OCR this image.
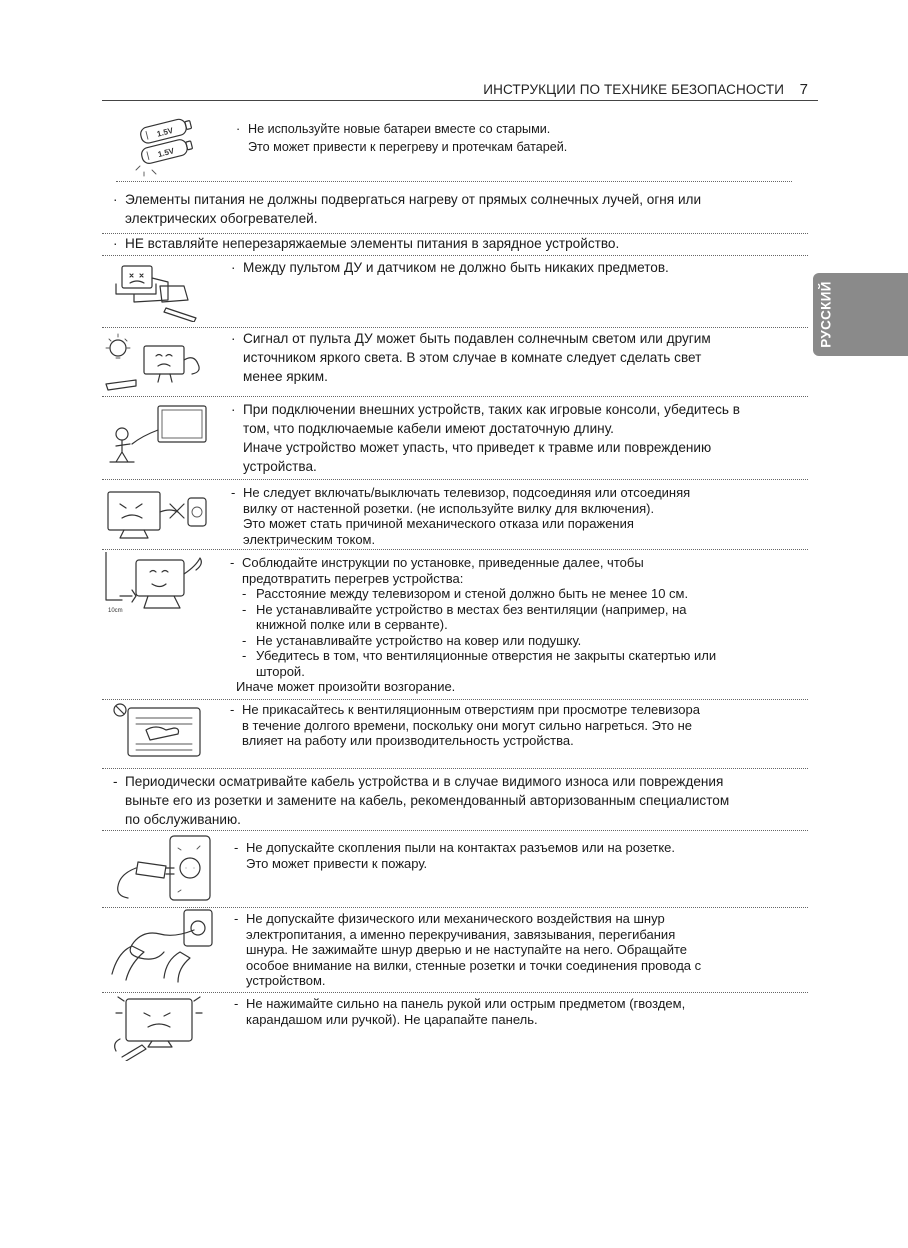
ИНСТРУКЦИИ ПО ТЕХНИКЕ БЕЗОПАСНОСТИ 7
РУССКИЙ
1.5V
1.5V
· Не используйте новые батареи вместе со старыми.
Это может привести к перегреву и протечкам батарей.
· Элементы питания не должны подвергаться нагреву от прямых солнечных лучей, огня или
электрических обогревателей.
· НЕ вставляйте неперезаряжаемые элементы питания в зарядное устройство.
· Между пультом ДУ и датчиком не должно быть никаких предметов.
· Сигнал от пульта ДУ может быть подавлен солнечным светом или другим
источником яркого света. В этом случае в комнате следует сделать свет
менее ярким.
· При подключении внешних устройств, таких как игровые консоли, убедитесь в
том, что подключаемые кабели имеют достаточную длину.
Иначе устройство может упасть, что приведет к травме или повреждению
устройства.
- Не следует включать/выключать телевизор, подсоединяя или отсоединяя
вилку от настенной розетки. (не используйте вилку для включения).
Это может стать причиной механического отказа или поражения
электрическим током.
10cm
- Соблюдайте инструкции по установке, приведенные далее, чтобы
предотвратить перегрев устройства:
- Расстояние между телевизором и стеной должно быть не менее 10 см.
- Не устанавливайте устройство в местах без вентиляции (например, на
книжной полке или в серванте).
- Не устанавливайте устройство на ковер или подушку.
- Убедитесь в том, что вентиляционные отверстия не закрыты скатертью или
шторой.
Иначе может произойти возгорание.
- Не прикасайтесь к вентиляционным отверстиям при просмотре телевизора
в течение долгого времени, поскольку они могут сильно нагреться. Это не
влияет на работу или производительность устройства.
- Периодически осматривайте кабель устройства и в случае видимого износа или повреждения
выньте его из розетки и замените на кабель, рекомендованный авторизованным специалистом
по обслуживанию.
- Не допускайте скопления пыли на контактах разъемов или на розетке.
Это может привести к пожару.
- Не допускайте физического или механического воздействия на шнур
электропитания, а именно перекручивания, завязывания, перегибания
шнура. Не зажимайте шнур дверью и не наступайте на него. Обращайте
особое внимание на вилки, стенные розетки и точки соединения провода с
устройством.
- Не нажимайте сильно на панель рукой или острым предметом (гвоздем,
карандашом или ручкой). Не царапайте панель.
